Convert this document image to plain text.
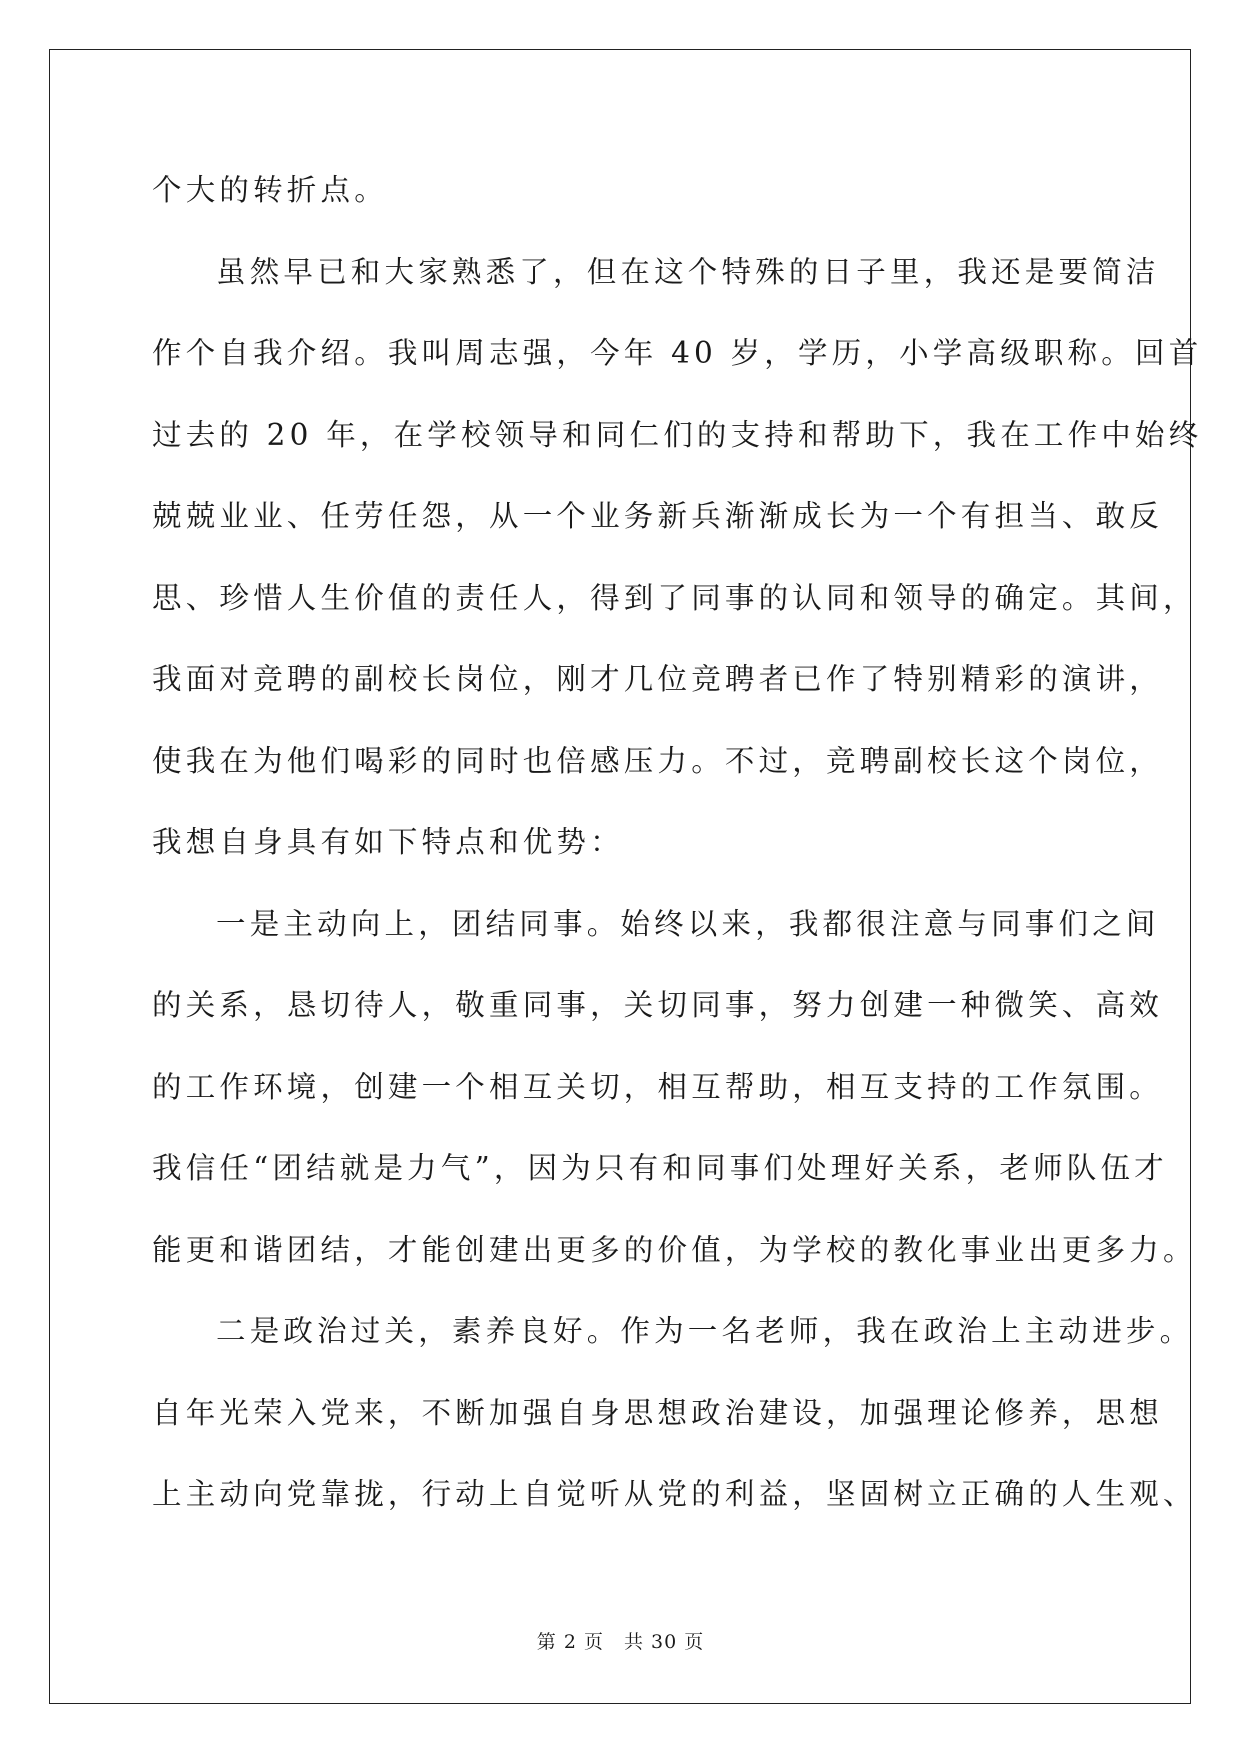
个大的转折点。
虽然早已和大家熟悉了，但在这个特殊的日子里，我还是要简洁
作个自我介绍。我叫周志强，今年 40 岁，学历，小学高级职称。回首
过去的 20 年，在学校领导和同仁们的支持和帮助下，我在工作中始终
兢兢业业、任劳任怨，从一个业务新兵渐渐成长为一个有担当、敢反
思、珍惜人生价值的责任人，得到了同事的认同和领导的确定。其间，
我面对竞聘的副校长岗位，刚才几位竞聘者已作了特别精彩的演讲，
使我在为他们喝彩的同时也倍感压力。不过，竞聘副校长这个岗位，
我想自身具有如下特点和优势：
一是主动向上，团结同事。始终以来，我都很注意与同事们之间
的关系，恳切待人，敬重同事，关切同事，努力创建一种微笑、高效
的工作环境，创建一个相互关切，相互帮助，相互支持的工作氛围。
我信任“团结就是力气”，因为只有和同事们处理好关系，老师队伍才
能更和谐团结，才能创建出更多的价值，为学校的教化事业出更多力。
二是政治过关，素养良好。作为一名老师，我在政治上主动进步。
自年光荣入党来，不断加强自身思想政治建设，加强理论修养，思想
上主动向党靠拢，行动上自觉听从党的利益，坚固树立正确的人生观、
第 2 页 共 30 页
